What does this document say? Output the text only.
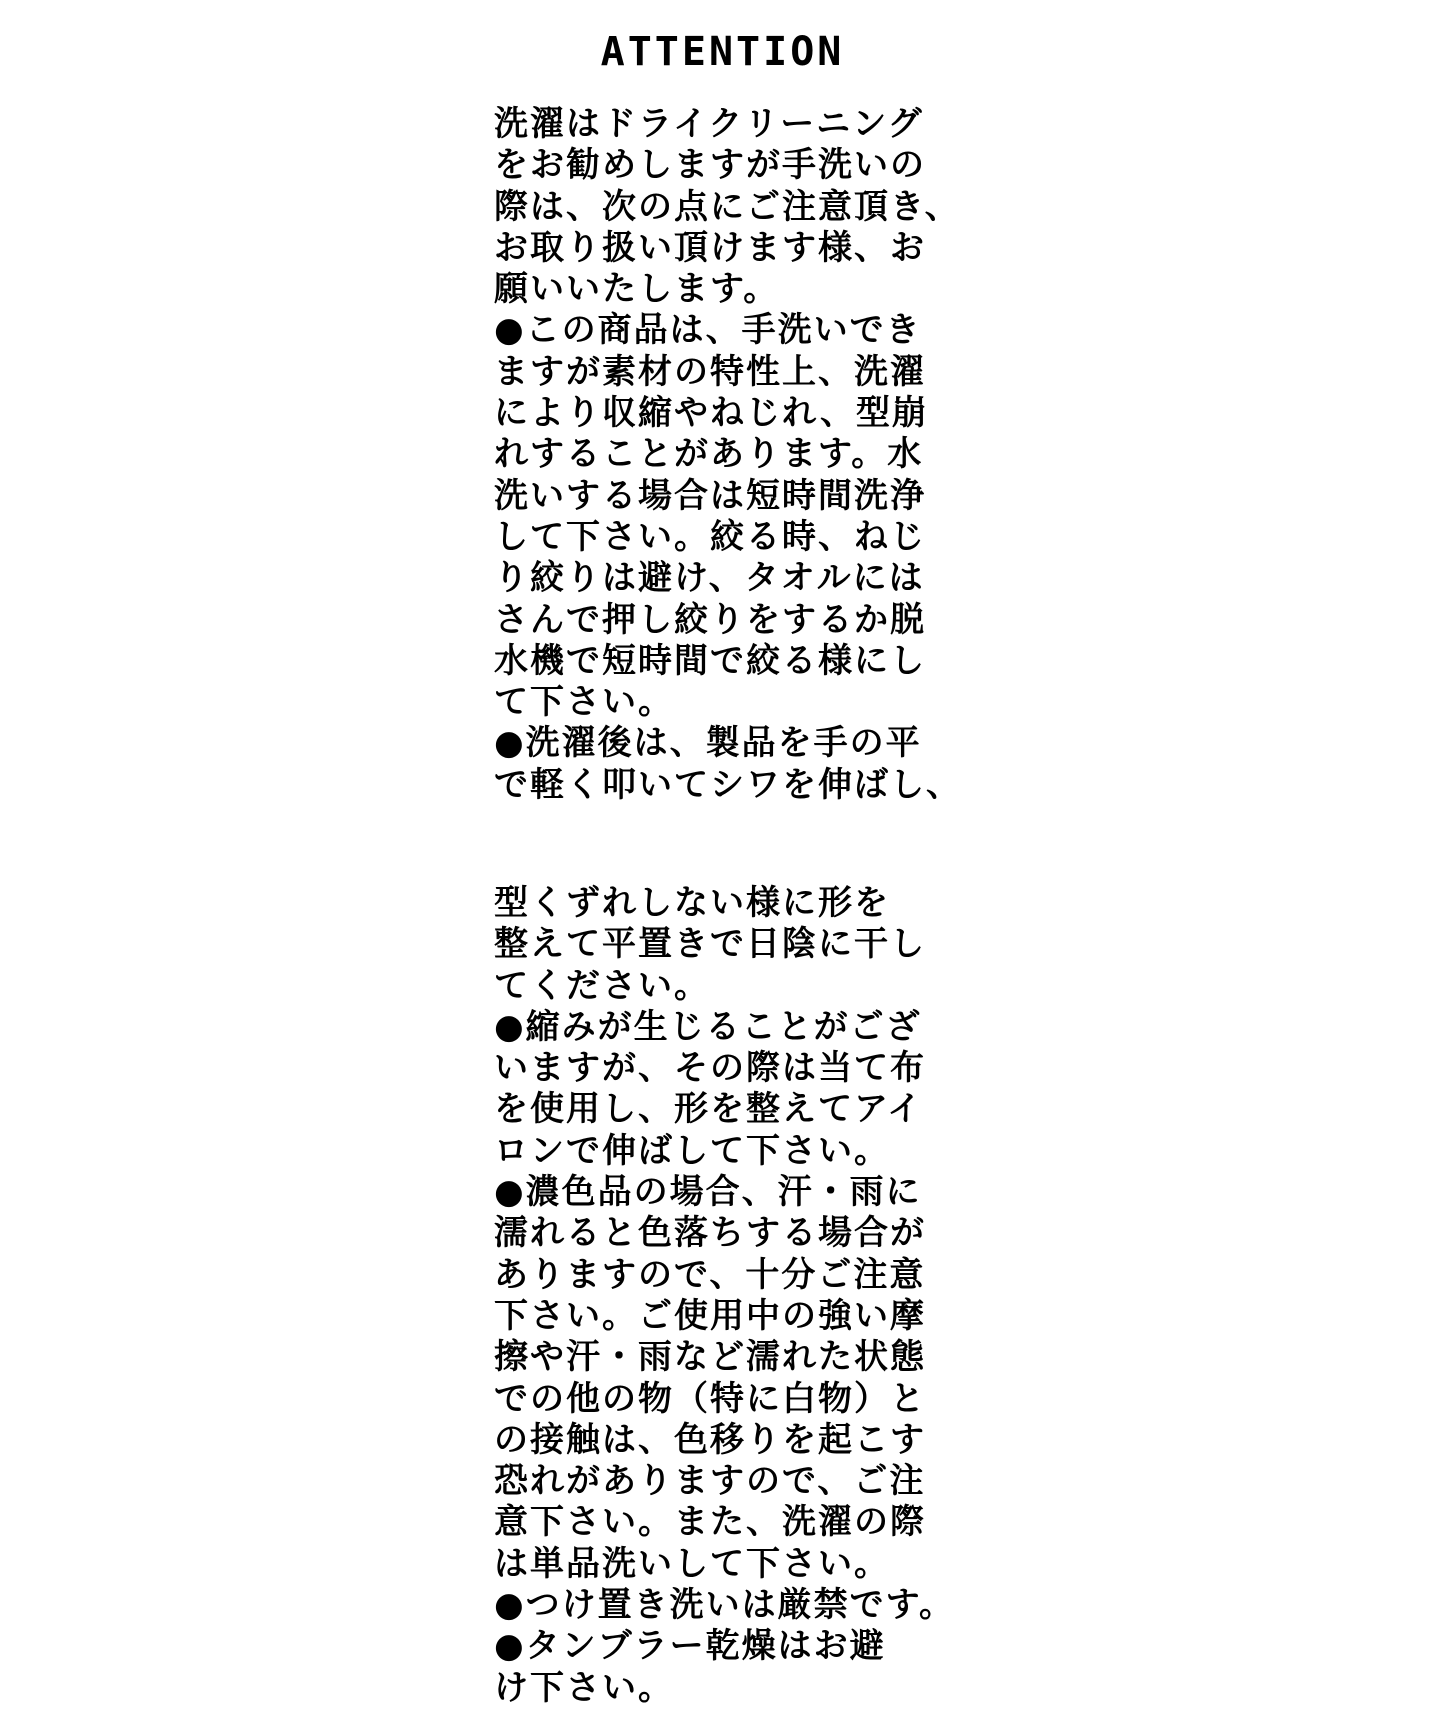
ATTENTION
洗濯はドライクリーニング
をお勧めしますが手洗いの
際は、次の点にご注意頂き、
お取り扱い頂けます様、お
願いいたします。
●この商品は、手洗いでき
ますが素材の特性上、洗濯
により収縮やねじれ、型崩
れすることがあります。水
洗いする場合は短時間洗浄
して下さい。絞る時、ねじ
り絞りは避け、タオルには
さんで押し絞りをするか脱
水機で短時間で絞る様にし
て下さい。
●洗濯後は、製品を手の平
で軽く叩いてシワを伸ばし、
型くずれしない様に形を
整えて平置きで日陰に干し
てください。
●縮みが生じることがござ
いますが、その際は当て布
を使用し、形を整えてアイ
ロンで伸ばして下さい。
●濃色品の場合、汗・雨に
濡れると色落ちする場合が
ありますので、十分ご注意
下さい。ご使用中の強い摩
擦や汗・雨など濡れた状態
での他の物（特に白物）と
の接触は、色移りを起こす
恐れがありますので、ご注
意下さい。また、洗濯の際
は単品洗いして下さい。
●つけ置き洗いは厳禁です。
●タンブラー乾燥はお避
け下さい。
